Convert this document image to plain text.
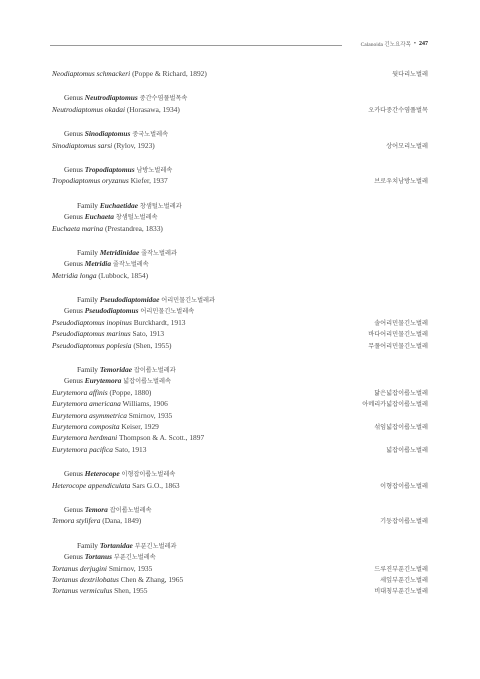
Calanoida 긴노요각목 • 247
Neodiaptomus schmackeri (Poppe & Richard, 1892)	뒷다리노벌레
Genus Neutrodiaptomus 중간수염풀벌목속
Neutrodiaptomus okadai (Horasawa, 1934)	오카다중간수염풀벌목
Genus Sinodiaptomus 중국노벌레속
Sinodiaptomus sarsi (Rylov, 1923)	상어모리노벌레
Genus Tropodiaptomus 남방노벌레속
Tropodiaptomus oryzanus Kiefer, 1937	브로우치남방노벌레
Family Euchaetidae 창샘털노벌레과
Genus Euchaeta 창샘털노벌레속
Euchaeta marina (Prestandrea, 1833)
Family Metridinidae 줄작노벌레과
Genus Metridia 줄작노벌레속
Metridia longa (Lubbock, 1854)
Family Pseudodiaptomidae 어리민물긴노벌레과
Genus Pseudodiaptomus 어리민물긴노벌레속
Pseudodiaptomus inopinus Burckhardt, 1913	솔어리민물긴노벌레
Pseudodiaptomus marinus Sato, 1913	바다어리민물긴노벌레
Pseudodiaptomus poplesia (Shen, 1955)	무풀어리민물긴노벌레
Family Temoridae 잡이룹노벌레과
Genus Eurytemora 넓잡이룹노벌레속
Eurytemora affinis (Poppe, 1880)	닮은넓잡이룹노벌레
Eurytemora americana Williams, 1906	아메리카넓잡이룹노벌레
Eurytemora asymmetrica Smirnov, 1935
Eurytemora composita Keiser, 1929	섞임넓잡이룹노벌레
Eurytemora herdmani Thompson & A. Scott., 1897
Eurytemora pacifica Sato, 1913	넓잡이룹노벌레
Genus Heterocope 이형잡이룹노벌레속
Heterocope appendiculata Sars G.O., 1863	이형잡이룹노벌레
Genus Temora 잡이룹노벌레속
Temora stylifera (Dana, 1849)	기둥잡이룹노벌레
Family Tortanidae 부푼긴노벌레과
Genus Tortanus 부푼긴노벌레속
Tortanus derjugini Smirnov, 1935	드루진부푼긴노벌레
Tortanus dextrilobatus Chen & Zhang, 1965	세잎부푼긴노벌레
Tortanus vermiculus Shen, 1955	비대칭부푼긴노벌레
